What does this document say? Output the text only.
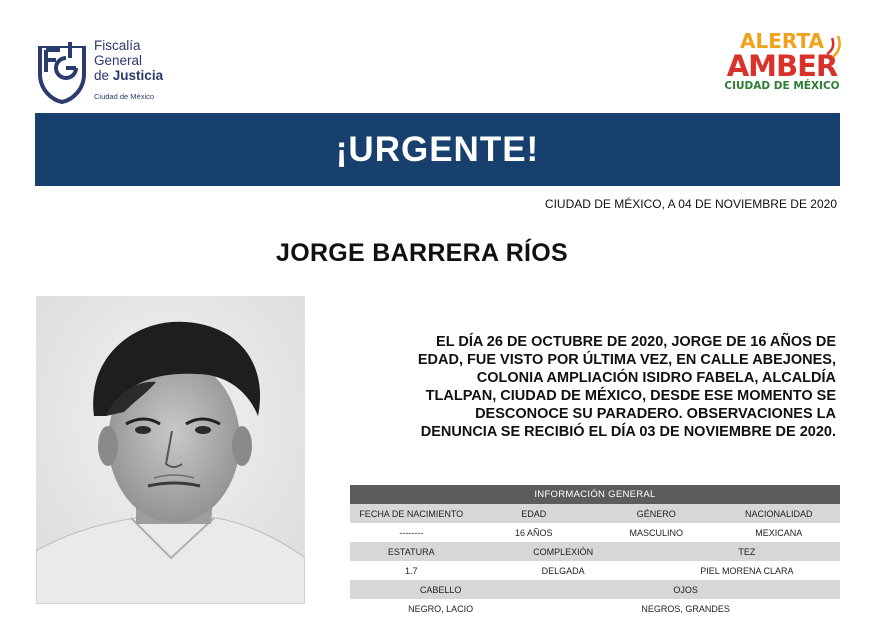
Fiscalía
General
de Justicia
Ciudad de México
ALERTA
AMBER
CIUDAD DE MÉXICO
¡URGENTE!
CIUDAD DE MÉXICO, A 04 DE NOVIEMBRE DE 2020
JORGE BARRERA RÍOS
EL DÍA 26 DE OCTUBRE DE 2020, JORGE DE 16 AÑOS DE
EDAD, FUE VISTO POR ÚLTIMA VEZ, EN CALLE ABEJONES,
COLONIA AMPLIACIÓN ISIDRO FABELA, ALCALDÍA
TLALPAN, CIUDAD DE MÉXICO, DESDE ESE MOMENTO SE
DESCONOCE SU PARADERO. OBSERVACIONES LA
DENUNCIA SE RECIBIÓ EL DÍA 03 DE NOVIEMBRE DE 2020.
INFORMACIÓN GENERAL					
FECHA DE NACIMIENTO	EDAD		GÉNERO		NACIONALIDAD
--------	16 AÑOS		MASCULINO		MEXICANA
ESTATURA	COMPLEXIÓN			TEZ	
1.7	DELGADA			PIEL MORENA CLARA	
CABELLO		OJOS			
NEGRO, LACIO		NEGROS, GRANDES			
